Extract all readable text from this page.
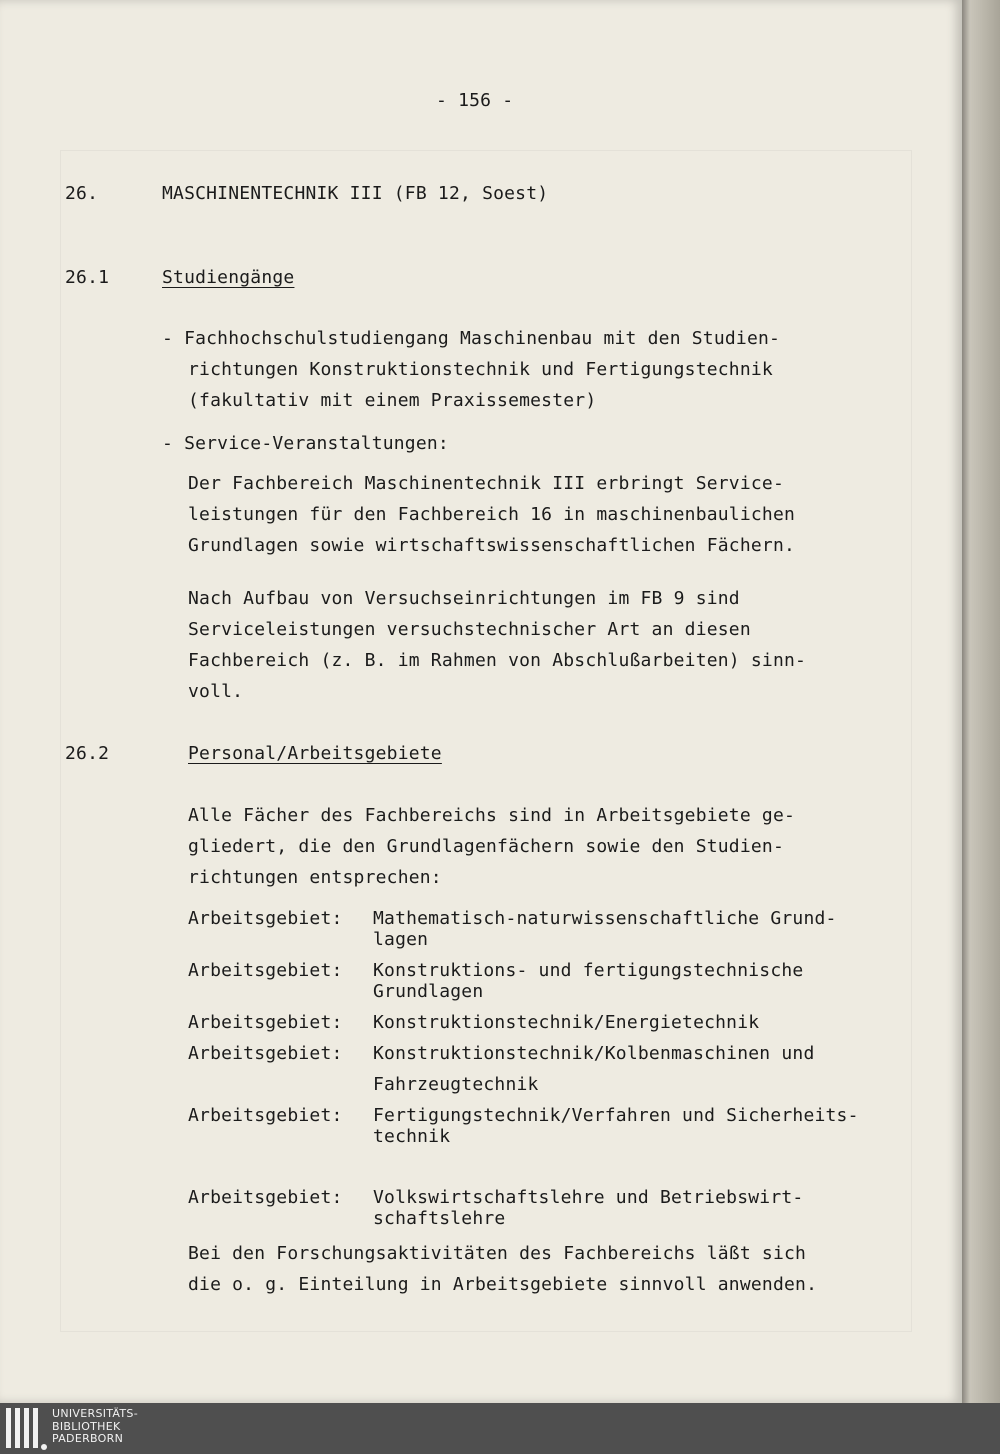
- 156 -
26.	MASCHINENTECHNIK III (FB 12, Soest)
26.1	Studiengänge
- Fachhochschulstudiengang Maschinenbau mit den Studien-
richtungen Konstruktionstechnik und Fertigungstechnik
(fakultativ mit einem Praxissemester)
- Service-Veranstaltungen:
Der Fachbereich Maschinentechnik III erbringt Service-
leistungen für den Fachbereich 16 in maschinenbaulichen
Grundlagen sowie wirtschaftswissenschaftlichen Fächern.
Nach Aufbau von Versuchseinrichtungen im FB 9 sind
Serviceleistungen versuchstechnischer Art an diesen
Fachbereich (z. B. im Rahmen von Abschlußarbeiten) sinn-
voll.
26.2	Personal/Arbeitsgebiete
Alle Fächer des Fachbereichs sind in Arbeitsgebiete ge-
gliedert, die den Grundlagenfächern sowie den Studien-
richtungen entsprechen:
Arbeitsgebiet: Mathematisch-naturwissenschaftliche Grund-
lagen
Arbeitsgebiet: Konstruktions- und fertigungstechnische
Grundlagen
Arbeitsgebiet: Konstruktionstechnik/Energietechnik
Arbeitsgebiet: Konstruktionstechnik/Kolbenmaschinen und
Fahrzeugtechnik
Arbeitsgebiet: Fertigungstechnik/Verfahren und Sicherheits-
technik
Arbeitsgebiet: Volkswirtschaftslehre und Betriebswirt-
schaftslehre
Bei den Forschungsaktivitäten des Fachbereichs läßt sich
die o. g. Einteilung in Arbeitsgebiete sinnvoll anwenden.
UNIVERSITÄTS-
BIBLIOTHEK
PADERBORN
